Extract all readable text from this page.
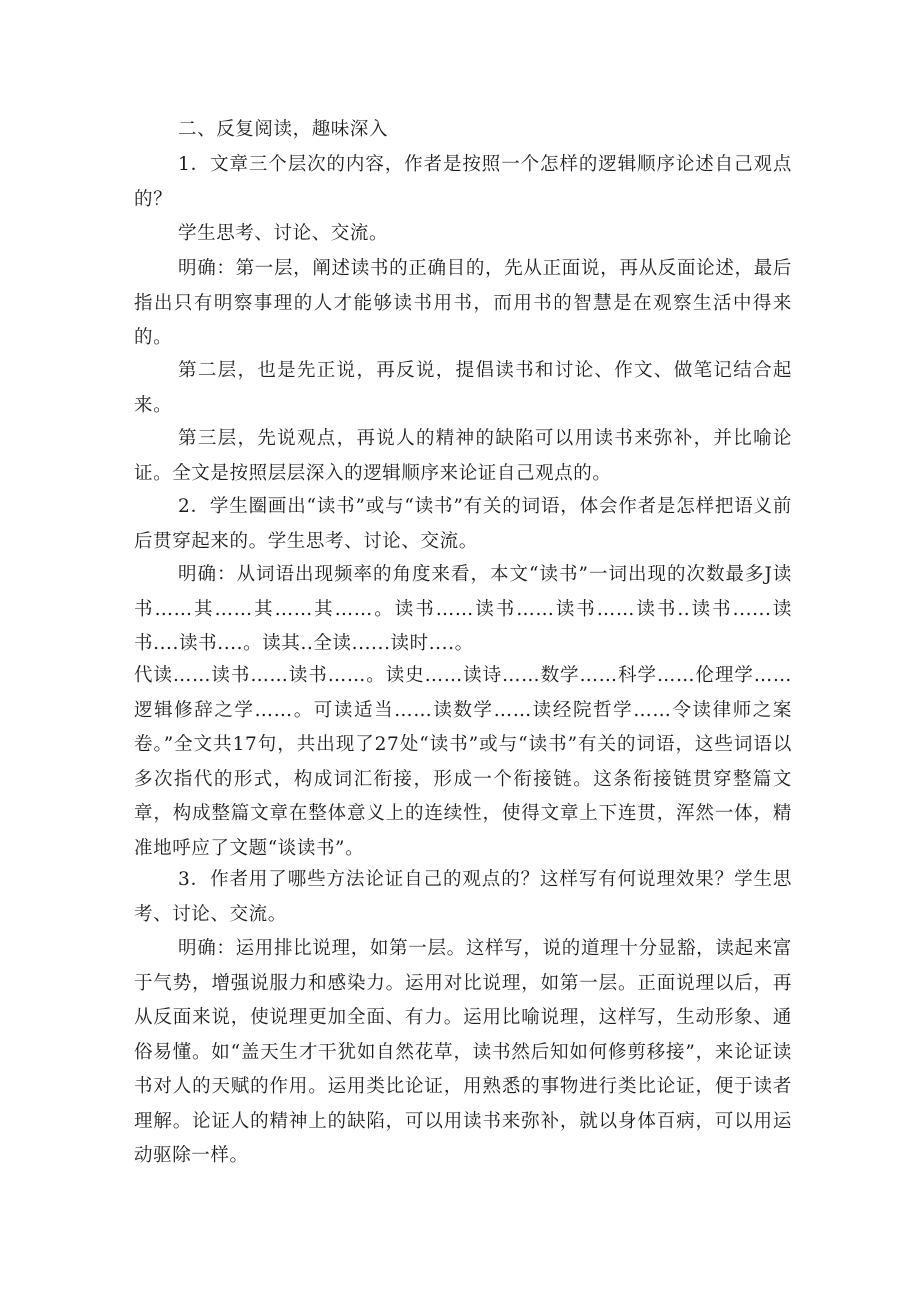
二、反复阅读，趣味深入

1．文章三个层次的内容，作者是按照一个怎样的逻辑顺序论述自己观点的？

学生思考、讨论、交流。

明确：第一层，阐述读书的正确目的，先从正面说，再从反面论述，最后指出只有明察事理的人才能够读书用书，而用书的智慧是在观察生活中得来的。

第二层，也是先正说，再反说，提倡读书和讨论、作文、做笔记结合起来。

第三层，先说观点，再说人的精神的缺陷可以用读书来弥补，并比喻论证。全文是按照层层深入的逻辑顺序来论证自己观点的。

2．学生圈画出“读书”或与“读书”有关的词语，体会作者是怎样把语义前后贯穿起来的。学生思考、讨论、交流。

明确：从词语出现频率的角度来看，本文“读书”一词出现的次数最多J读书……其……其……其……。读书……读书……读书……读书..读书......读书....读书....。读其..全读......读时....。

代读……读书……读书……。读史……读诗……数学……科学……伦理学……逻辑修辞之学……。可读适当……读数学……读经院哲学……令读律师之案卷。”全文共17句，共出现了27处“读书”或与“读书”有关的词语，这些词语以多次指代的形式，构成词汇衔接，形成一个衔接链。这条衔接链贯穿整篇文章，构成整篇文章在整体意义上的连续性，使得文章上下连贯，浑然一体，精准地呼应了文题“谈读书”。

3．作者用了哪些方法论证自己的观点的？这样写有何说理效果？学生思考、讨论、交流。

明确：运用排比说理，如第一层。这样写，说的道理十分显豁，读起来富于气势，增强说服力和感染力。运用对比说理，如第一层。正面说理以后，再从反面来说，使说理更加全面、有力。运用比喻说理，这样写，生动形象、通俗易懂。如“盖天生才干犹如自然花草，读书然后知如何修剪移接”，来论证读书对人的天赋的作用。运用类比论证，用熟悉的事物进行类比论证，便于读者理解。论证人的精神上的缺陷，可以用读书来弥补，就以身体百病，可以用运动驱除一样。
